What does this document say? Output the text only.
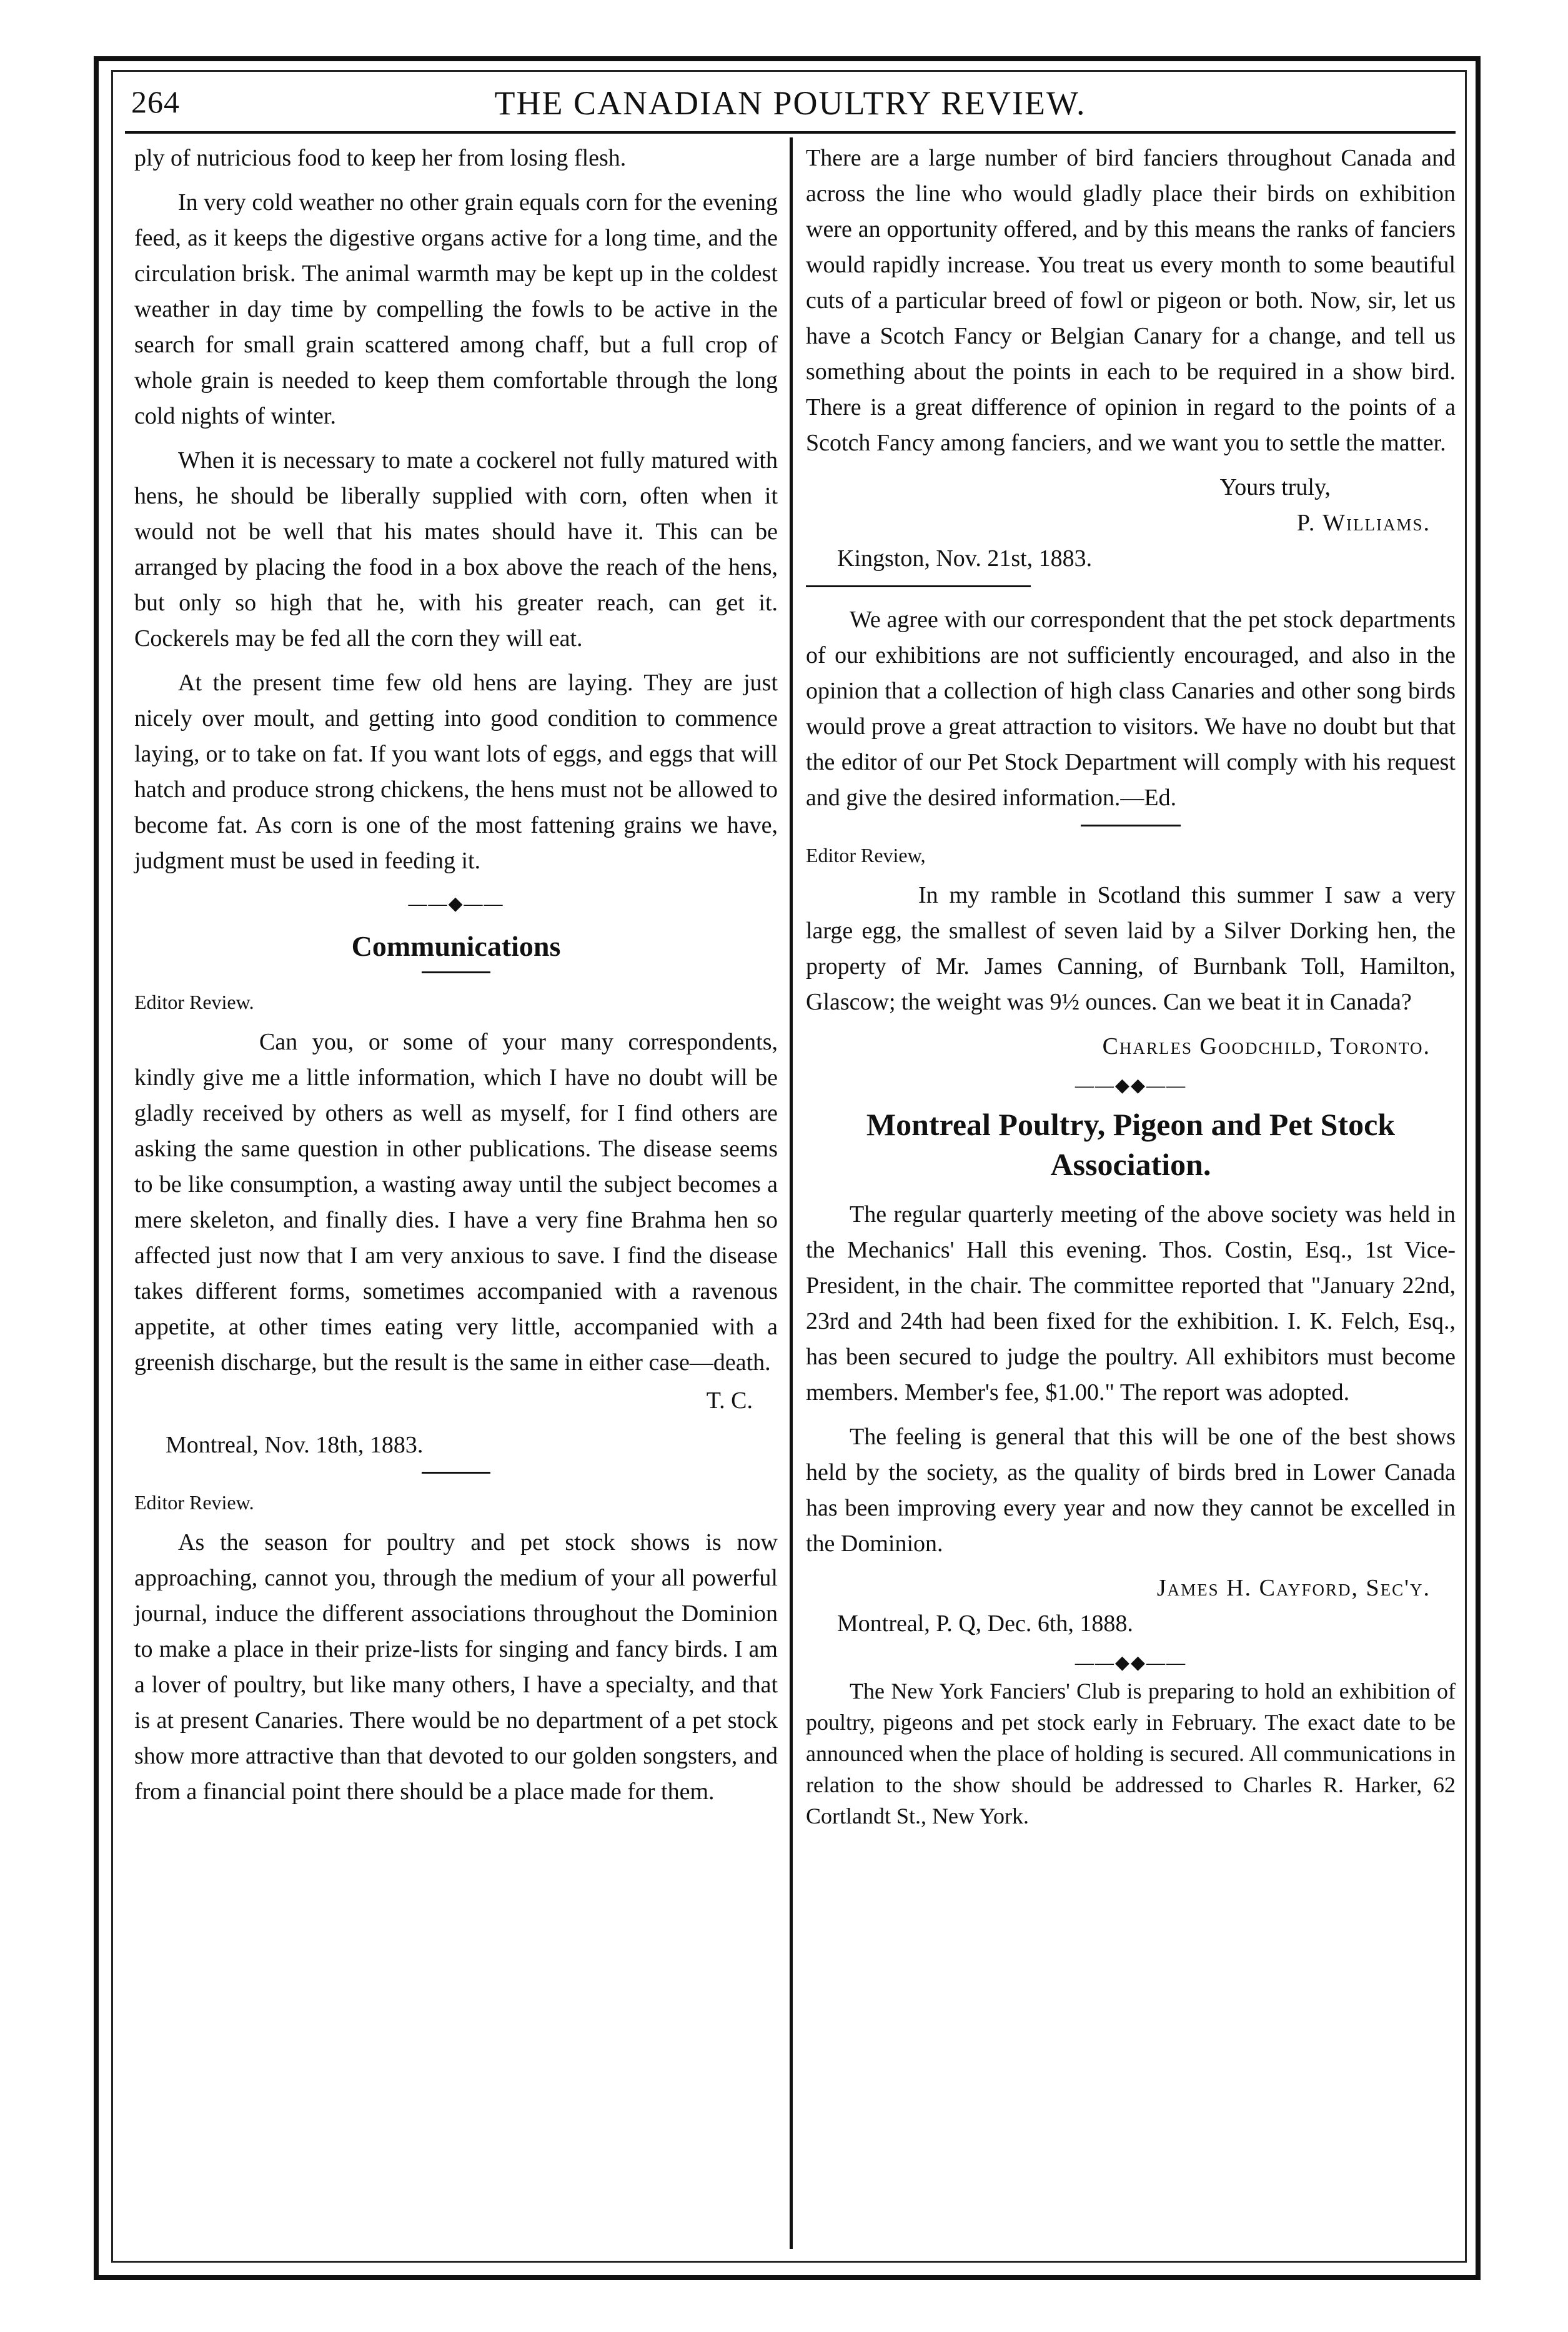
264	THE CANADIAN POULTRY REVIEW.

ply of nutricious food to keep her from losing flesh.

In very cold weather no other grain equals corn for the evening feed, as it keeps the digestive organs active for a long time, and the circulation brisk. The animal warmth may be kept up in the coldest weather in day time by compelling the fowls to be active in the search for small grain scattered among chaff, but a full crop of whole grain is needed to keep them comfortable through the long cold nights of winter.

When it is necessary to mate a cockerel not fully matured with hens, he should be liberally supplied with corn, often when it would not be well that his mates should have it. This can be arranged by placing the food in a box above the reach of the hens, but only so high that he, with his greater reach, can get it. Cockerels may be fed all the corn they will eat.

At the present time few old hens are laying. They are just nicely over moult, and getting into good condition to commence laying, or to take on fat. If you want lots of eggs, and eggs that will hatch and produce strong chickens, the hens must not be allowed to become fat. As corn is one of the most fattening grains we have, judgment must be used in feeding it.

——◆——
Communications

Editor Review.

Can you, or some of your many correspondents, kindly give me a little information, which I have no doubt will be gladly received by others as well as myself, for I find others are asking the same question in other publications. The disease seems to be like consumption, a wasting away until the subject becomes a mere skeleton, and finally dies. I have a very fine Brahma hen so affected just now that I am very anxious to save. I find the disease takes different forms, sometimes accompanied with a ravenous appetite, at other times eating very little, accompanied with a greenish discharge, but the result is the same in either case—death.

T. C.

Montreal, Nov. 18th, 1883.

Editor Review.

As the season for poultry and pet stock shows is now approaching, cannot you, through the medium of your all powerful journal, induce the different associations throughout the Dominion to make a place in their prize-lists for singing and fancy birds. I am a lover of poultry, but like many others, I have a specialty, and that is at present Canaries. There would be no department of a pet stock show more attractive than that devoted to our golden songsters, and from a financial point there should be a place made for them.

There are a large number of bird fanciers throughout Canada and across the line who would gladly place their birds on exhibition were an opportunity offered, and by this means the ranks of fanciers would rapidly increase. You treat us every month to some beautiful cuts of a particular breed of fowl or pigeon or both. Now, sir, let us have a Scotch Fancy or Belgian Canary for a change, and tell us something about the points in each to be required in a show bird. There is a great difference of opinion in regard to the points of a Scotch Fancy among fanciers, and we want you to settle the matter.

Yours truly,

P. Williams.

Kingston, Nov. 21st, 1883.

We agree with our correspondent that the pet stock departments of our exhibitions are not sufficiently encouraged, and also in the opinion that a collection of high class Canaries and other song birds would prove a great attraction to visitors. We have no doubt but that the editor of our Pet Stock Department will comply with his request and give the desired information.—Ed.

Editor Review,

In my ramble in Scotland this summer I saw a very large egg, the smallest of seven laid by a Silver Dorking hen, the property of Mr. James Canning, of Burnbank Toll, Hamilton, Glascow; the weight was 9½ ounces. Can we beat it in Canada?

Charles Goodchild, Toronto.

——◆◆——
Montreal Poultry, Pigeon and Pet Stock Association.

The regular quarterly meeting of the above society was held in the Mechanics' Hall this evening. Thos. Costin, Esq., 1st Vice-President, in the chair. The committee reported that "January 22nd, 23rd and 24th had been fixed for the exhibition. I. K. Felch, Esq., has been secured to judge the poultry. All exhibitors must become members. Member's fee, $1.00." The report was adopted.

The feeling is general that this will be one of the best shows held by the society, as the quality of birds bred in Lower Canada has been improving every year and now they cannot be excelled in the Dominion.

James H. Cayford, Sec'y.

Montreal, P. Q, Dec. 6th, 1888.

——◆◆——

The New York Fanciers' Club is preparing to hold an exhibition of poultry, pigeons and pet stock early in February. The exact date to be announced when the place of holding is secured. All communications in relation to the show should be addressed to Charles R. Harker, 62 Cortlandt St., New York.
